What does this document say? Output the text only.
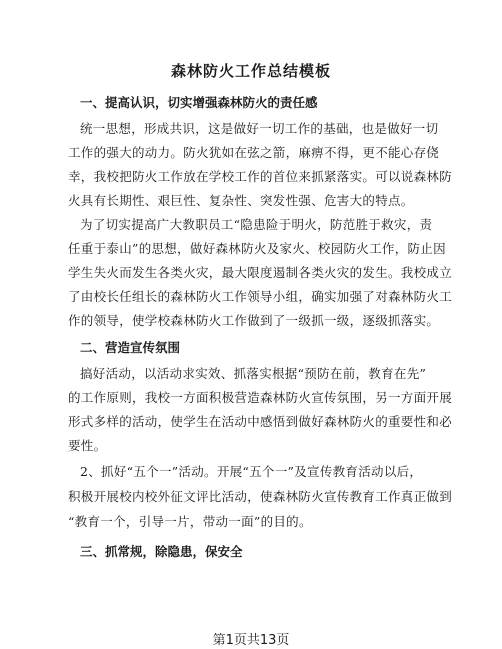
森林防火工作总结模板
一、提高认识，切实增强森林防火的责任感
统一思想，形成共识，这是做好一切工作的基础，也是做好一切
工作的强大的动力。防火犹如在弦之箭，麻痹不得，更不能心存侥
幸，我校把防火工作放在学校工作的首位来抓紧落实。可以说森林防
火具有长期性、艰巨性、复杂性、突发性强、危害大的特点。
为了切实提高广大教职员工“隐患险于明火，防范胜于救灾，责
任重于泰山”的思想，做好森林防火及家火、校园防火工作，防止因
学生失火而发生各类火灾，最大限度遏制各类火灾的发生。我校成立
了由校长任组长的森林防火工作领导小组，确实加强了对森林防火工
作的领导，使学校森林防火工作做到了一级抓一级，逐级抓落实。
二、营造宣传氛围
搞好活动，以活动求实效、抓落实根据“预防在前，教育在先”
的工作原则，我校一方面积极营造森林防火宣传氛围，另一方面开展
形式多样的活动，使学生在活动中感悟到做好森林防火的重要性和必
要性。
2、抓好“五个一”活动。开展“五个一”及宣传教育活动以后，
积极开展校内校外征文评比活动，使森林防火宣传教育工作真正做到
“教育一个，引导一片，带动一面”的目的。
三、抓常规，除隐患，保安全
第1页共13页
